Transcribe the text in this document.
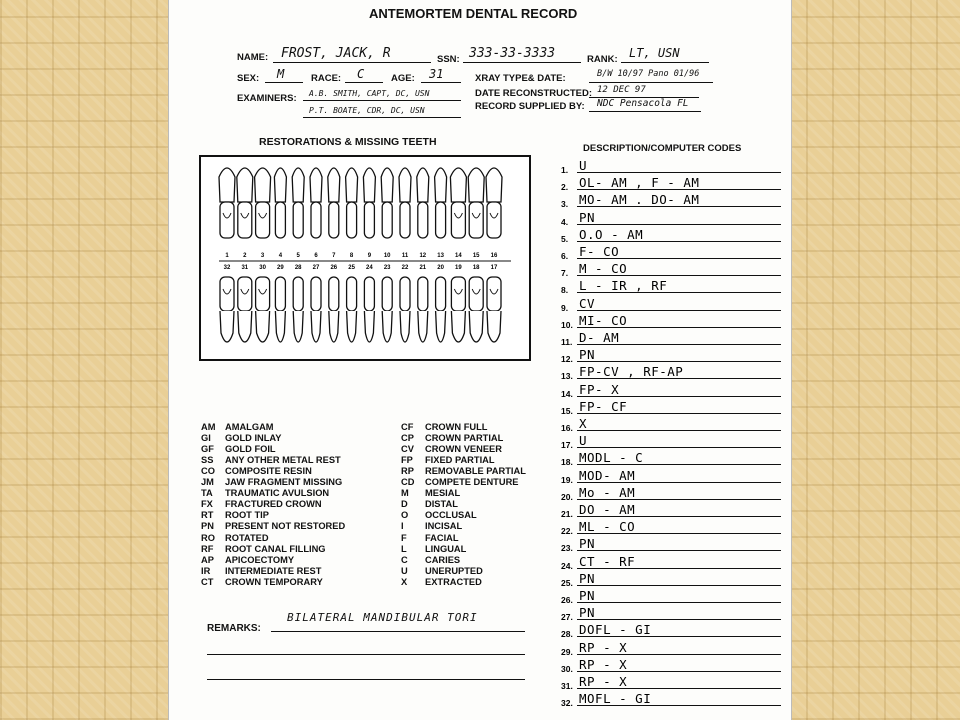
ANTEMORTEM DENTAL RECORD
NAME: FROST, JACK, R	SSN: 333-33-3333	RANK: LT, USN
SEX: M	RACE: C	AGE: 31	XRAY TYPE& DATE:	B/W 10/97 Pano 01/96
EXAMINERS: A.B. SMITH, CAPT, DC, USN
P.T. BOATE, CDR, DC, USN
DATE RECONSTRUCTED: 12 DEC 97
RECORD SUPPLIED BY: NDC Pensacola FL
RESTORATIONS & MISSING TEETH
1 2 3 4 5 6 7 8 9 10 11 12 13 14 15 16
32 31 30 29 28 27 26 25 24 23 22 21 20 19 18 17
REMARKS:
BILATERAL MANDIBULAR TORI
DESCRIPTION/COMPUTER CODES
1. U
2. OL- AM , F - AM
3. MO- AM . DO- AM
4. PN
5. O.O - AM
6. F- CO
7. M - CO
8. L - IR , RF
9. CV
10. MI- CO
11. D- AM
12. PN
13. FP-CV , RF-AP
14. FP- X
15. FP- CF
16. X
17. U
18. MODL - C
19. MOD- AM
20. Mo - AM
21. DO - AM
22. ML - CO
23. PN
24. CT - RF
25. PN
26. PN
27. PN
28. DOFL - GI
29. RP - X
30. RP - X
31. RP - X
32. MOFL - GI
AM AMALGAM
GI GOLD INLAY
GF GOLD FOIL
SS ANY OTHER METAL REST
CO COMPOSITE RESIN
JM JAW FRAGMENT MISSING
TA TRAUMATIC AVULSION
FX FRACTURED CROWN
RT ROOT TIP
PN PRESENT NOT RESTORED
RO ROTATED
RF ROOT CANAL FILLING
AP APICOECTOMY
IR INTERMEDIATE REST
CT CROWN TEMPORARY
CF CROWN FULL
CP CROWN PARTIAL
CV CROWN VENEER
FP FIXED PARTIAL
RP REMOVABLE PARTIAL
CD COMPETE DENTURE
M MESIAL
D DISTAL
O OCCLUSAL
I INCISAL
F FACIAL
L LINGUAL
C CARIES
U UNERUPTED
X EXTRACTED
